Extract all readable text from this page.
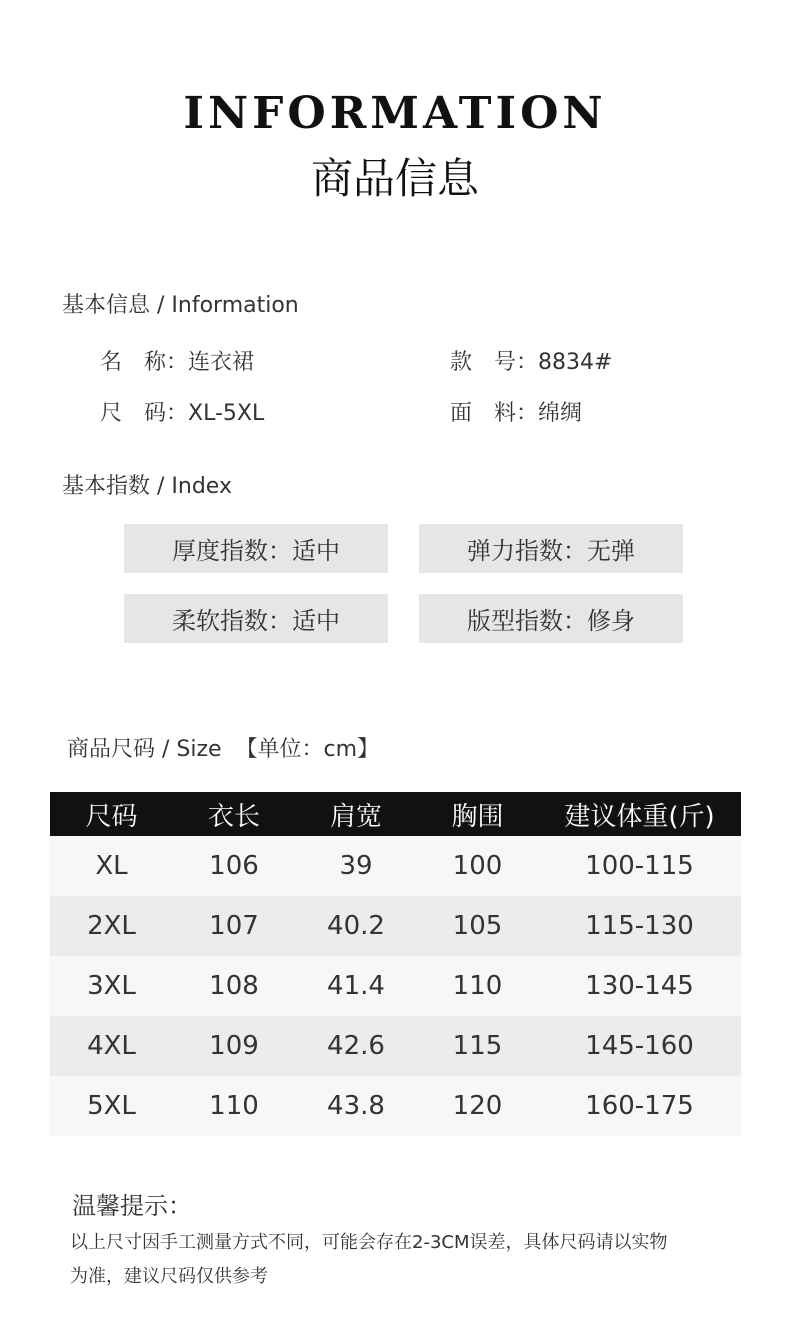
INFORMATION
商品信息
基本信息 / Information
名　称：连衣裙	款　号：8834#
尺　码：XL-5XL	面　料：绵绸
基本指数 / Index
厚度指数：适中	弹力指数：无弹
柔软指数：适中	版型指数：修身
商品尺码 / Size  【单位：cm】
尺码	衣长	肩宽	胸围	建议体重(斤)
XL	106	39	100	100-115
2XL	107	40.2	105	115-130
3XL	108	41.4	110	130-145
4XL	109	42.6	115	145-160
5XL	110	43.8	120	160-175
温馨提示：
以上尺寸因手工测量方式不同，可能会存在2-3CM误差，具体尺码请以实物
为准，建议尺码仅供参考
